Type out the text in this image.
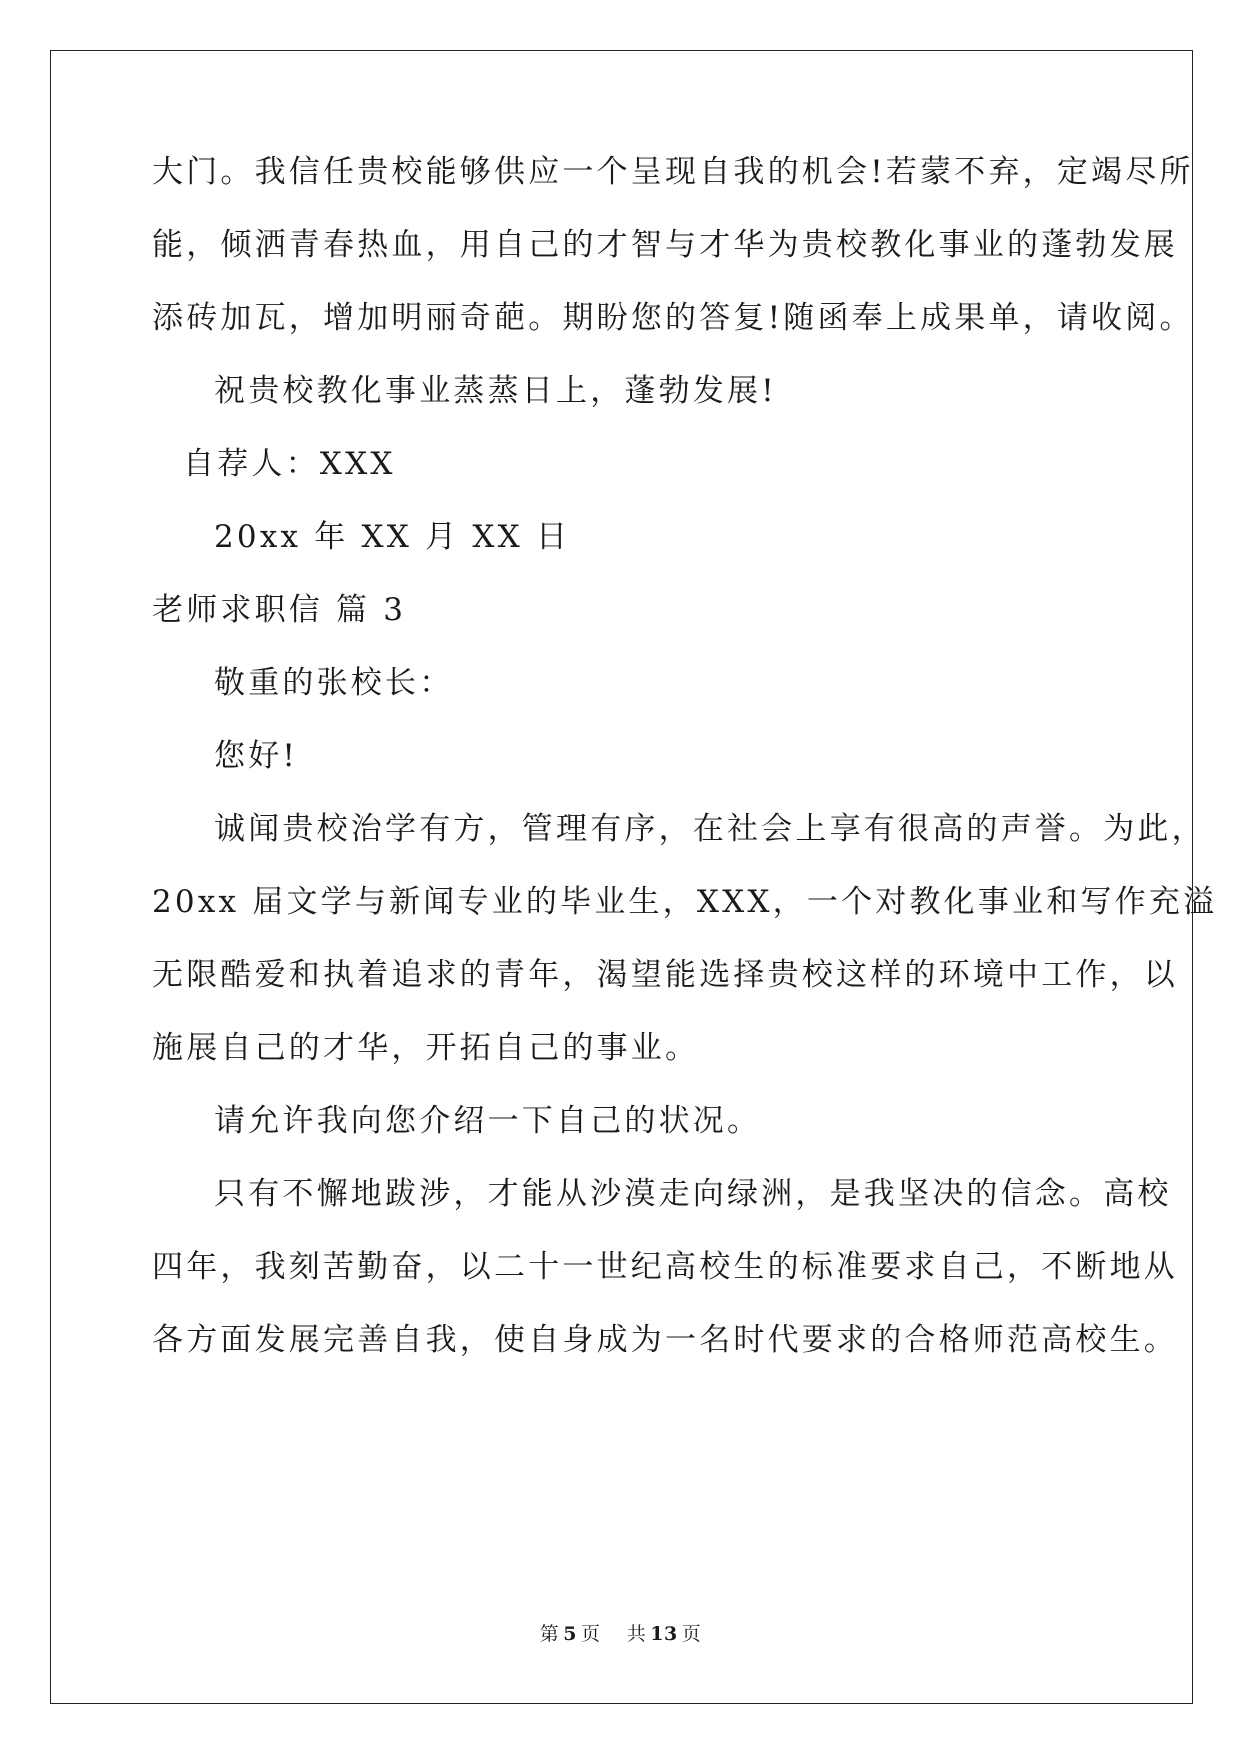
大门。我信任贵校能够供应一个呈现自我的机会!若蒙不弃，定竭尽所
能，倾洒青春热血，用自己的才智与才华为贵校教化事业的蓬勃发展
添砖加瓦，增加明丽奇葩。期盼您的答复!随函奉上成果单，请收阅。
祝贵校教化事业蒸蒸日上，蓬勃发展!
自荐人：XXX
20xx 年 XX 月 XX 日
老师求职信 篇 3
敬重的张校长：
您好!
诚闻贵校治学有方，管理有序，在社会上享有很高的声誉。为此，
20xx 届文学与新闻专业的毕业生，XXX，一个对教化事业和写作充溢
无限酷爱和执着追求的青年，渴望能选择贵校这样的环境中工作，以
施展自己的才华，开拓自己的事业。
请允许我向您介绍一下自己的状况。
只有不懈地跋涉，才能从沙漠走向绿洲，是我坚决的信念。高校
四年，我刻苦勤奋，以二十一世纪高校生的标准要求自己，不断地从
各方面发展完善自我，使自身成为一名时代要求的合格师范高校生。
第 5 页 共 13 页
